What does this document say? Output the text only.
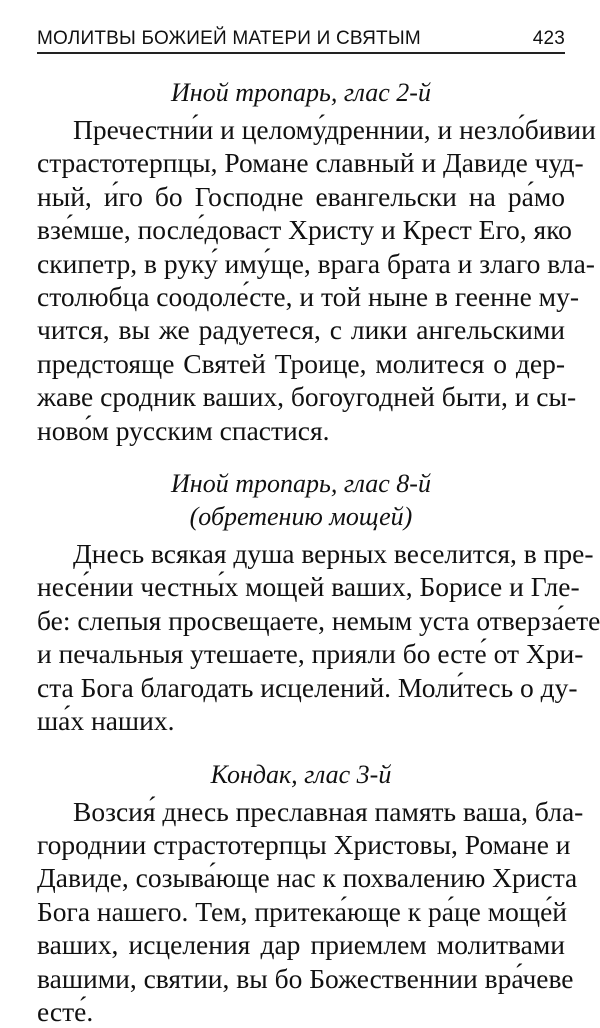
МОЛИТВЫ БОЖИЕЙ МАТЕРИ И СВЯТЫМ	423
Иной тропарь, глас 2-й
Пречестни́и и целому́дреннии, и незло́бивии
страстотерпцы, Романе славный и Давиде чуд-
ный, и́го бо Господне евангельски на ра́мо
взе́мше, после́доваст Христу и Крест Его, яко
скипетр, в руку́ иму́ще, врага брата и злаго вла-
столюбца соодоле́сте, и той ныне в геенне му-
чится, вы же радуетеся, с лики ангельскими
предстояще Святей Троице, молитеся о дер-
жаве сродник ваших, богоугодней быти, и сы-
ново́м русским спастися.
Иной тропарь, глас 8-й
(обретению мощей)
Днесь всякая душа верных веселится, в пре-
несе́нии честны́х мощей ваших, Борисе и Гле-
бе: слепыя просвещаете, немым уста отверза́ете
и печальныя утешаете, прияли бо есте́ от Хри-
ста Бога благодать исцелений. Моли́тесь о ду-
ша́х наших.
Кондак, глас 3-й
Возсия́ днесь преславная память ваша, бла-
городнии страстотерпцы Христовы, Романе и
Давиде, созыва́юще нас к похвалению Христа
Бога нашего. Тем, притека́юще к ра́це моще́й
ваших, исцеления дар приемлем молитвами
вашими, святии, вы бо Божественнии вра́чеве
есте́.
